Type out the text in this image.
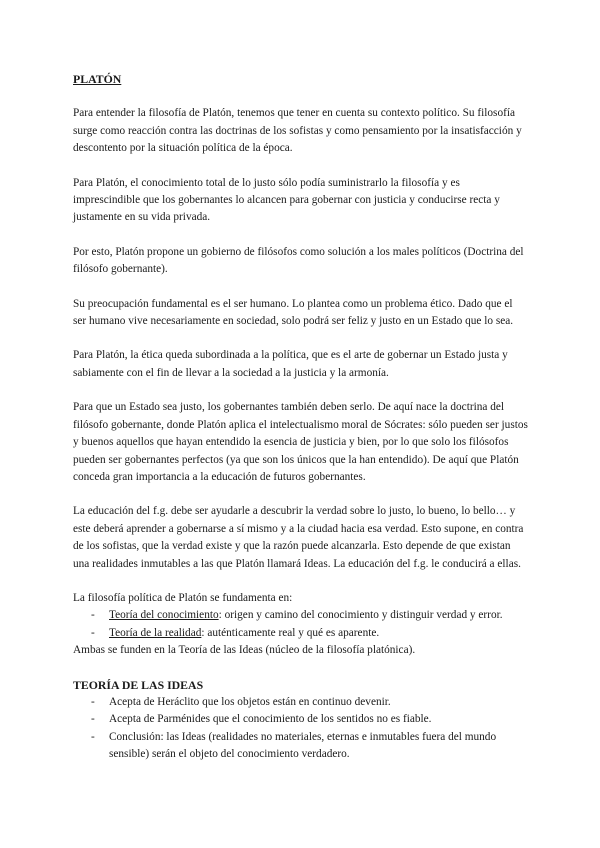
PLATÓN

Para entender la filosofía de Platón, tenemos que tener en cuenta su contexto político. Su filosofía surge como reacción contra las doctrinas de los sofistas y como pensamiento por la insatisfacción y descontento por la situación política de la época.

Para Platón, el conocimiento total de lo justo sólo podía suministrarlo la filosofía y es imprescindible que los gobernantes lo alcancen para gobernar con justicia y conducirse recta y justamente en su vida privada.

Por esto, Platón propone un gobierno de filósofos como solución a los males políticos (Doctrina del filósofo gobernante).

Su preocupación fundamental es el ser humano. Lo plantea como un problema ético. Dado que el ser humano vive necesariamente en sociedad, solo podrá ser feliz y justo en un Estado que lo sea.

Para Platón, la ética queda subordinada a la política, que es el arte de gobernar un Estado justa y sabiamente con el fin de llevar a la sociedad a la justicia y la armonía.

Para que un Estado sea justo, los gobernantes también deben serlo. De aquí nace la doctrina del filósofo gobernante, donde Platón aplica el intelectualismo moral de Sócrates: sólo pueden ser justos y buenos aquellos que hayan entendido la esencia de justicia y bien, por lo que solo los filósofos pueden ser gobernantes perfectos (ya que son los únicos que la han entendido). De aquí que Platón conceda gran importancia a la educación de futuros gobernantes.

La educación del f.g. debe ser ayudarle a descubrir la verdad sobre lo justo, lo bueno, lo bello… y este deberá aprender a gobernarse a sí mismo y a la ciudad hacia esa verdad. Esto supone, en contra de los sofistas, que la verdad existe y que la razón puede alcanzarla. Esto depende de que existan una realidades inmutables a las que Platón llamará Ideas. La educación del f.g. le conducirá a ellas.

La filosofía política de Platón se fundamenta en:

- Teoría del conocimiento: origen y camino del conocimiento y distinguir verdad y error.
- Teoría de la realidad: auténticamente real y qué es aparente.

Ambas se funden en la Teoría de las Ideas (núcleo de la filosofía platónica).

TEORÍA DE LAS IDEAS
- Acepta de Heráclito que los objetos están en continuo devenir.
- Acepta de Parménides que el conocimiento de los sentidos no es fiable.
- Conclusión: las Ideas (realidades no materiales, eternas e inmutables fuera del mundo sensible) serán el objeto del conocimiento verdadero.
